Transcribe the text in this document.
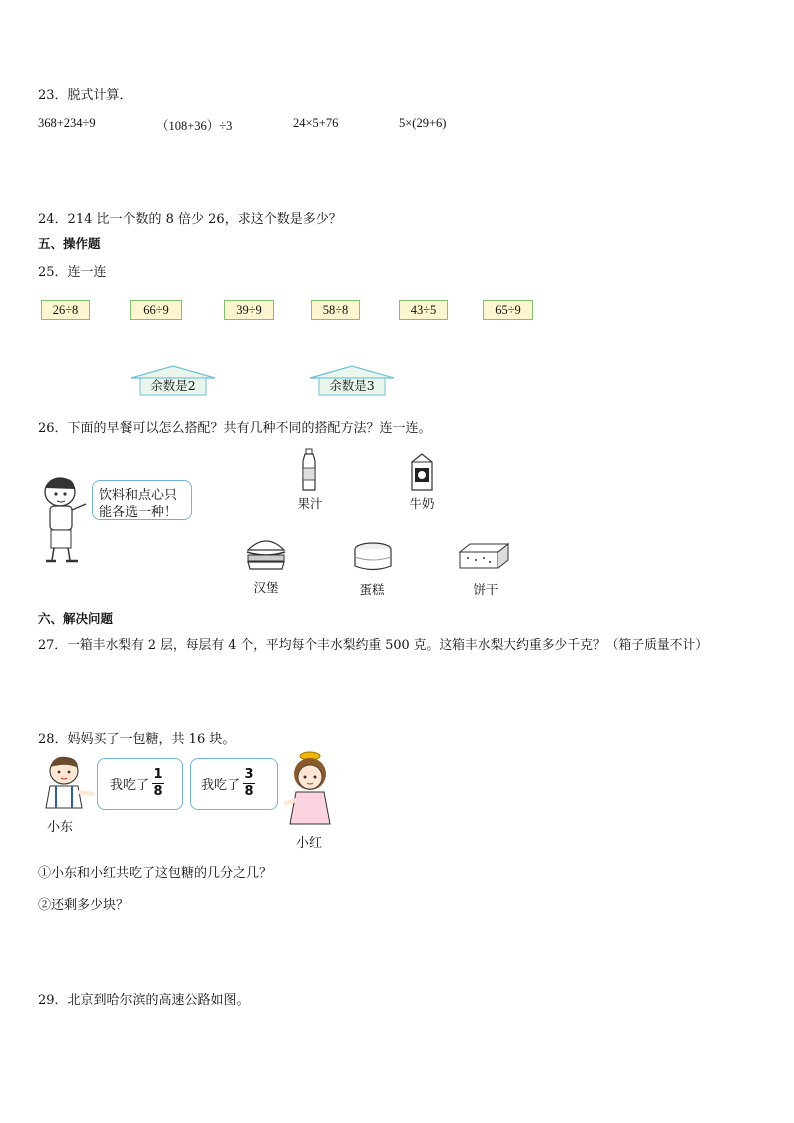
23．脱式计算．
368+234÷9	（108+36）÷3	24×5+76	5×(29+6)
24．214 比一个数的 8 倍少 26，求这个数是多少？
五、操作题
25．连一连
26÷8	66÷9	39÷9	58÷8	43÷5	65÷9
余数是2	余数是3
26．下面的早餐可以怎么搭配？共有几种不同的搭配方法？连一连。
饮料和点心只
能各选一种！
果汁	牛奶
汉堡	蛋糕	饼干
六、解决问题
27．一箱丰水梨有 2 层，每层有 4 个，平均每个丰水梨约重 500 克。这箱丰水梨大约重多少千克？（箱子质量不计）
28．妈妈买了一包糖，共 16 块。
小东
我吃了
1
8	我吃了
3
8
小红
①小东和小红共吃了这包糖的几分之几？
②还剩多少块？
29．北京到哈尔滨的高速公路如图。
